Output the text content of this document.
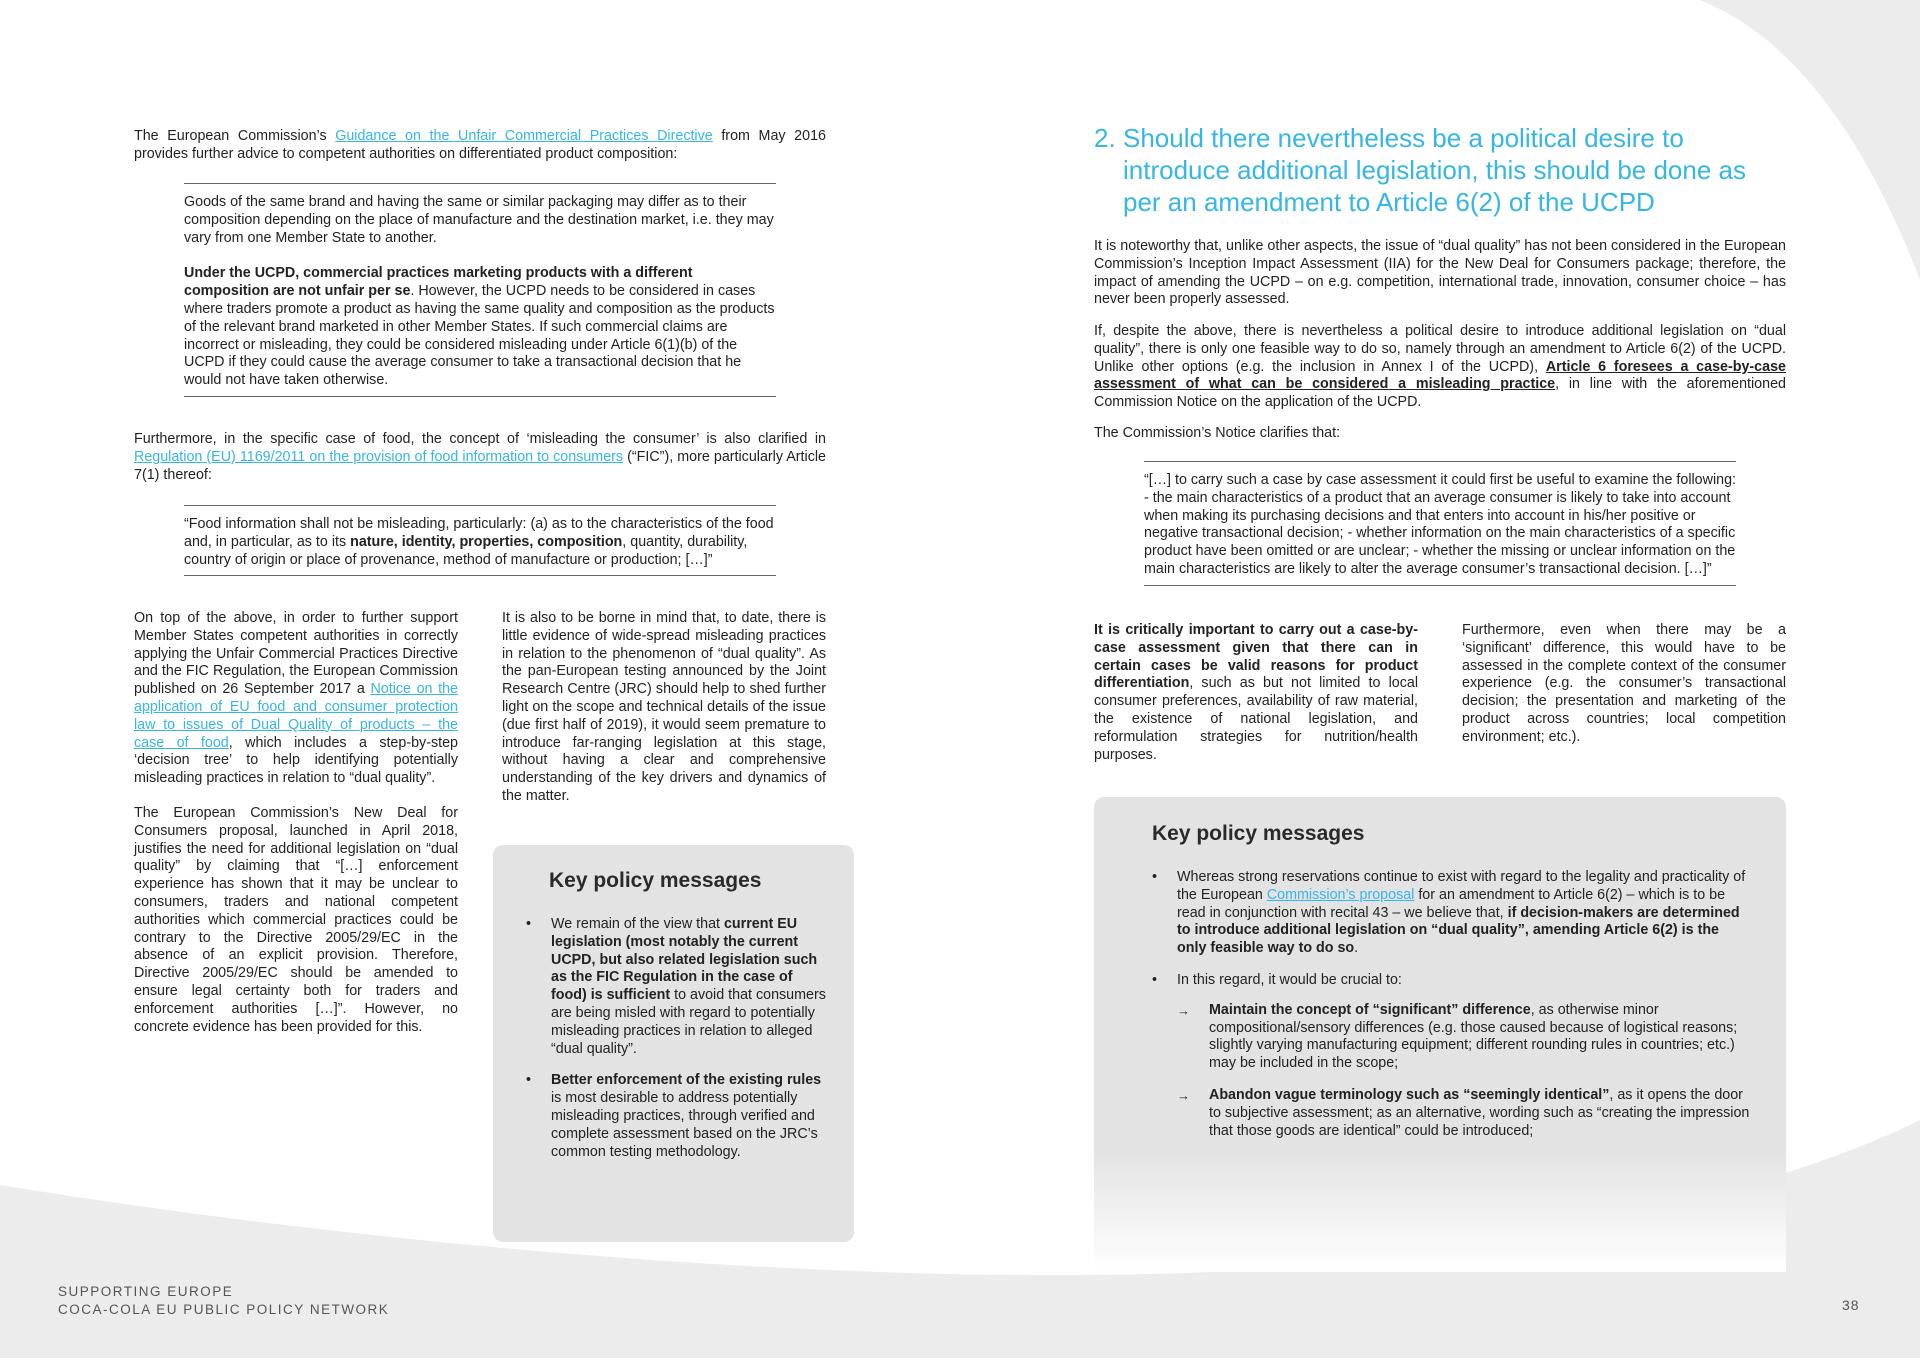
The European Commission’s Guidance on the Unfair Commercial Practices Directive from May 2016 provides further advice to competent authorities on differentiated product composition:

Goods of the same brand and having the same or similar packaging may differ as to their composition depending on the place of manufacture and the destination market, i.e. they may vary from one Member State to another.

Under the UCPD, commercial practices marketing products with a different composition are not unfair per se. However, the UCPD needs to be considered in cases where traders promote a product as having the same quality and composition as the products of the relevant brand marketed in other Member States. If such commercial claims are incorrect or misleading, they could be considered misleading under Article 6(1)(b) of the UCPD if they could cause the average consumer to take a transactional decision that he would not have taken otherwise.

Furthermore, in the specific case of food, the concept of ‘misleading the consumer’ is also clarified in Regulation (EU) 1169/2011 on the provision of food information to consumers (“FIC”), more particularly Article 7(1) thereof:

“Food information shall not be misleading, particularly: (a) as to the characteristics of the food and, in particular, as to its nature, identity, properties, composition, quantity, durability, country of origin or place of provenance, method of manufacture or production; […]”

On top of the above, in order to further support Member States competent authorities in correctly applying the Unfair Commercial Practices Directive and the FIC Regulation, the European Commission published on 26 September 2017 a Notice on the application of EU food and consumer protection law to issues of Dual Quality of products – the case of food, which includes a step-by-step ‘decision tree’ to help identifying potentially misleading practices in relation to “dual quality”.

The European Commission’s New Deal for Consumers proposal, launched in April 2018, justifies the need for additional legislation on “dual quality” by claiming that “[…] enforcement experience has shown that it may be unclear to consumers, traders and national competent authorities which commercial practices could be contrary to the Directive 2005/29/EC in the absence of an explicit provision. Therefore, Directive 2005/29/EC should be amended to ensure legal certainty both for traders and enforcement authorities […]”. However, no concrete evidence has been provided for this.

It is also to be borne in mind that, to date, there is little evidence of wide-spread misleading practices in relation to the phenomenon of “dual quality”. As the pan-European testing announced by the Joint Research Centre (JRC) should help to shed further light on the scope and technical details of the issue (due first half of 2019), it would seem premature to introduce far-ranging legislation at this stage, without having a clear and comprehensive understanding of the key drivers and dynamics of the matter.

Key policy messages
• We remain of the view that current EU legislation (most notably the current UCPD, but also related legislation such as the FIC Regulation in the case of food) is sufficient to avoid that consumers are being misled with regard to potentially misleading practices in relation to alleged “dual quality”.
• Better enforcement of the existing rules is most desirable to address potentially misleading practices, through verified and complete assessment based on the JRC’s common testing methodology.
2. Should there nevertheless be a political desire to introduce additional legislation, this should be done as per an amendment to Article 6(2) of the UCPD

It is noteworthy that, unlike other aspects, the issue of “dual quality” has not been considered in the European Commission’s Inception Impact Assessment (IIA) for the New Deal for Consumers package; therefore, the impact of amending the UCPD – on e.g. competition, international trade, innovation, consumer choice – has never been properly assessed.

If, despite the above, there is nevertheless a political desire to introduce additional legislation on “dual quality”, there is only one feasible way to do so, namely through an amendment to Article 6(2) of the UCPD. Unlike other options (e.g. the inclusion in Annex I of the UCPD), Article 6 foresees a case-by-case assessment of what can be considered a misleading practice, in line with the aforementioned Commission Notice on the application of the UCPD.

The Commission’s Notice clarifies that:

“[…] to carry such a case by case assessment it could first be useful to examine the following: - the main characteristics of a product that an average consumer is likely to take into account when making its purchasing decisions and that enters into account in his/her positive or negative transactional decision; - whether information on the main characteristics of a specific product have been omitted or are unclear; - whether the missing or unclear information on the main characteristics are likely to alter the average consumer’s transactional decision. […]”

It is critically important to carry out a case-by-case assessment given that there can in certain cases be valid reasons for product differentiation, such as but not limited to local consumer preferences, availability of raw material, the existence of national legislation, and reformulation strategies for nutrition/health purposes.

Furthermore, even when there may be a ‘significant’ difference, this would have to be assessed in the complete context of the consumer experience (e.g. the consumer’s transactional decision; the presentation and marketing of the product across countries; local competition environment; etc.).

Key policy messages
• Whereas strong reservations continue to exist with regard to the legality and practicality of the European Commission’s proposal for an amendment to Article 6(2) – which is to be read in conjunction with recital 43 – we believe that, if decision-makers are determined to introduce additional legislation on “dual quality”, amending Article 6(2) is the only feasible way to do so.
• In this regard, it would be crucial to:
→ Maintain the concept of “significant” difference, as otherwise minor compositional/sensory differences (e.g. those caused because of logistical reasons; slightly varying manufacturing equipment; different rounding rules in countries; etc.) may be included in the scope;
→ Abandon vague terminology such as “seemingly identical”, as it opens the door to subjective assessment; as an alternative, wording such as “creating the impression that those goods are identical” could be introduced;
SUPPORTING EUROPE
COCA-COLA EU PUBLIC POLICY NETWORK	38
